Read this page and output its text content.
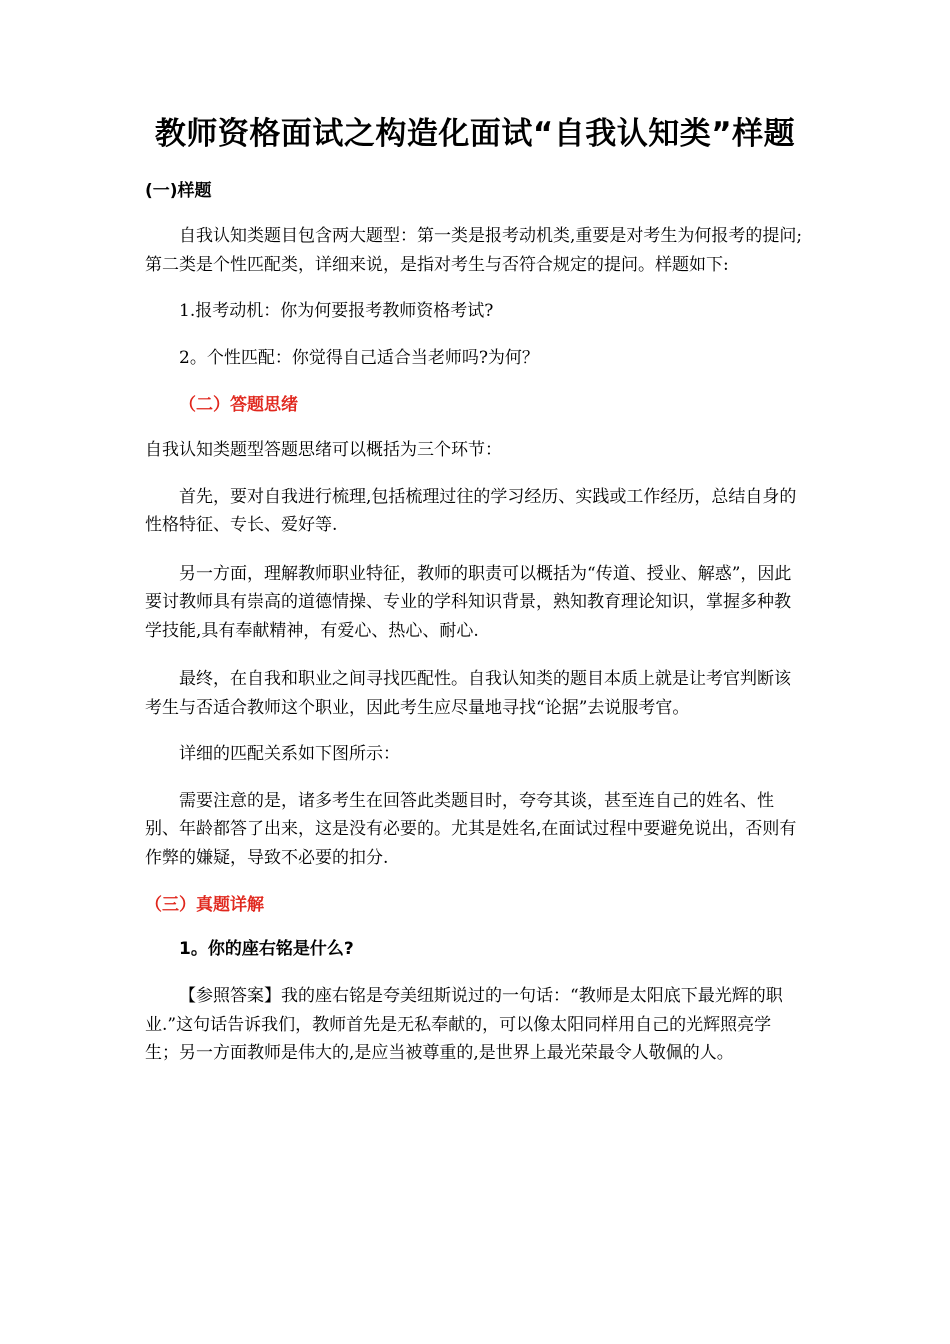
教师资格面试之构造化面试“自我认知类”样题

(一)样题

自我认知类题目包含两大题型：第一类是报考动机类,重要是对考生为何报考的提问;第二类是个性匹配类，详细来说，是指对考生与否符合规定的提问。样题如下:

1.报考动机：你为何要报考教师资格考试?

2。个性匹配：你觉得自己适合当老师吗?为何？

（二）答题思绪

自我认知类题型答题思绪可以概括为三个环节：

首先，要对自我进行梳理,包括梳理过往的学习经历、实践或工作经历，总结自身的性格特征、专长、爱好等.

另一方面，理解教师职业特征，教师的职责可以概括为“传道、授业、解惑”，因此要讨教师具有崇高的道德情操、专业的学科知识背景，熟知教育理论知识，掌握多种教学技能,具有奉献精神，有爱心、热心、耐心.

最终，在自我和职业之间寻找匹配性。自我认知类的题目本质上就是让考官判断该考生与否适合教师这个职业，因此考生应尽量地寻找“论据”去说服考官。

详细的匹配关系如下图所示：

需要注意的是，诸多考生在回答此类题目时，夸夸其谈，甚至连自己的姓名、性别、年龄都答了出来，这是没有必要的。尤其是姓名,在面试过程中要避免说出，否则有作弊的嫌疑，导致不必要的扣分.

（三）真题详解

1。你的座右铭是什么?

【参照答案】我的座右铭是夸美纽斯说过的一句话：“教师是太阳底下最光辉的职业.”这句话告诉我们，教师首先是无私奉献的，可以像太阳同样用自己的光辉照亮学生；另一方面教师是伟大的,是应当被尊重的,是世界上最光荣最令人敬佩的人。
